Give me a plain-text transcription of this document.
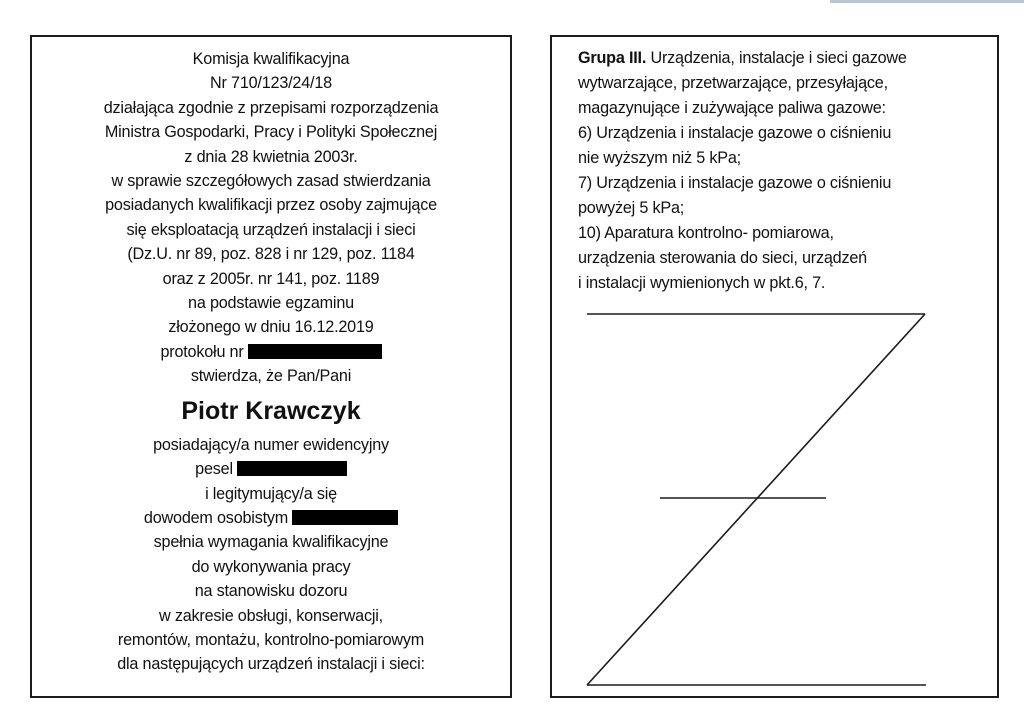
Komisja kwalifikacyjna
Nr 710/123/24/18
działająca zgodnie z przepisami rozporządzenia
Ministra Gospodarki, Pracy i Polityki Społecznej
z dnia 28 kwietnia 2003r.
w sprawie szczegółowych zasad stwierdzania
posiadanych kwalifikacji przez osoby zajmujące
się eksploatacją urządzeń instalacji i sieci
(Dz.U. nr 89, poz. 828 i nr 129, poz. 1184
oraz z 2005r. nr 141, poz. 1189
na podstawie egzaminu
złożonego w dniu 16.12.2019
protokołu nr
stwierdza, że Pan/Pani
Piotr Krawczyk
posiadający/a numer ewidencyjny
pesel
i legitymujący/a się
dowodem osobistym
spełnia wymagania kwalifikacyjne
do wykonywania pracy
na stanowisku dozoru
w zakresie obsługi, konserwacji,
remontów, montażu, kontrolno-pomiarowym
dla następujących urządzeń instalacji i sieci:
Grupa III. Urządzenia, instalacje i sieci gazowe
wytwarzające, przetwarzające, przesyłające,
magazynujące i zużywające paliwa gazowe:
6) Urządzenia i instalacje gazowe o ciśnieniu
nie wyższym niż 5 kPa;
7) Urządzenia i instalacje gazowe o ciśnieniu
powyżej 5 kPa;
10) Aparatura kontrolno- pomiarowa,
urządzenia sterowania do sieci, urządzeń
i instalacji wymienionych w pkt.6, 7.
